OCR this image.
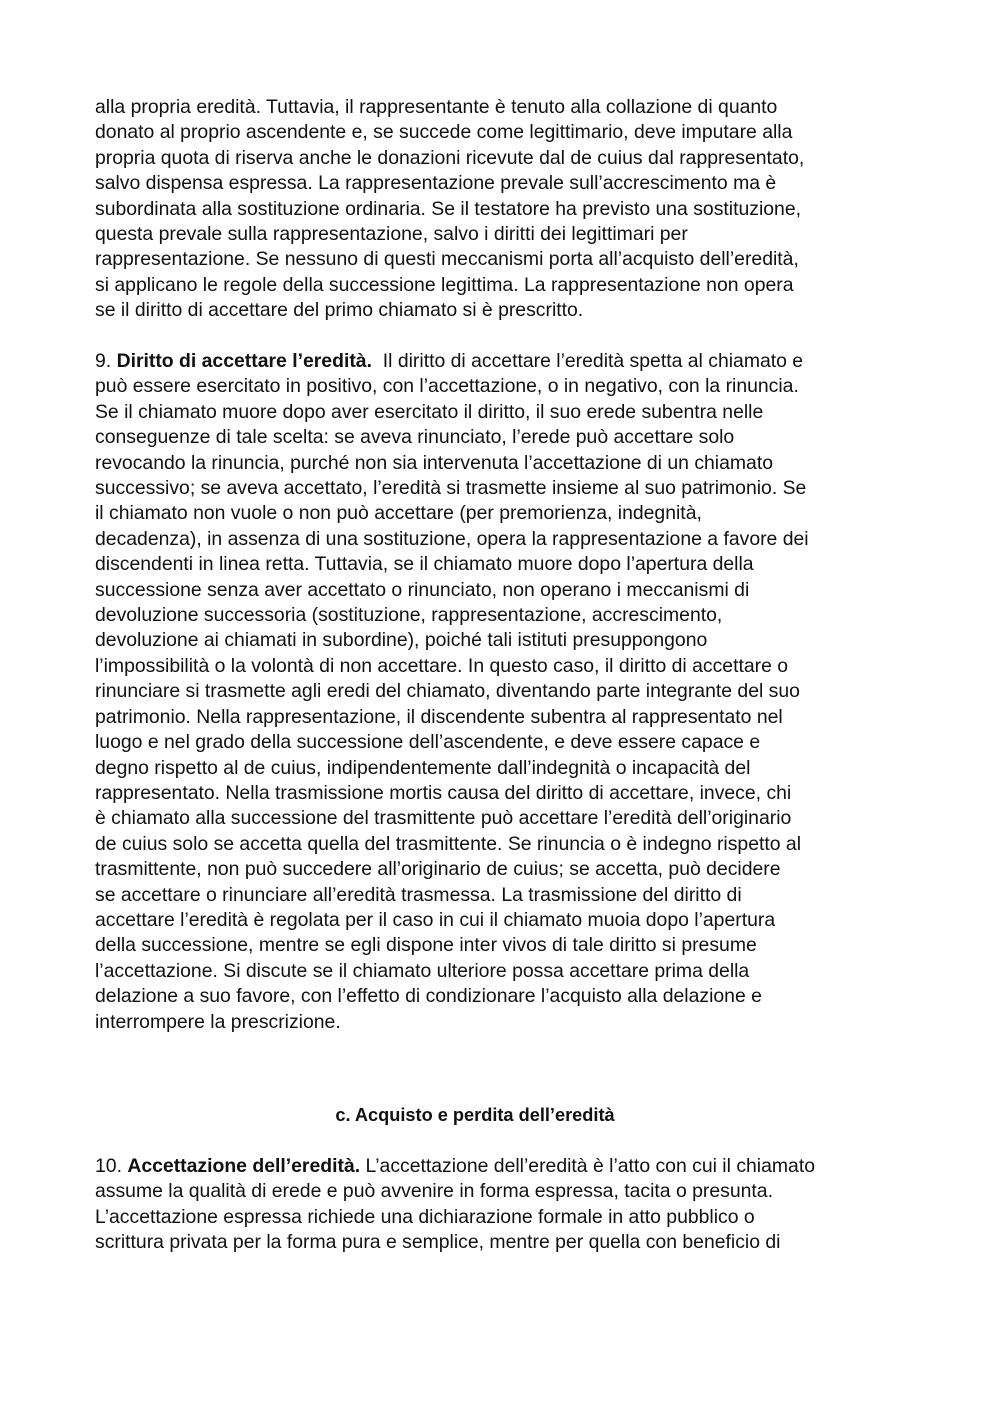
alla propria eredità. Tuttavia, il rappresentante è tenuto alla collazione di quanto
donato al proprio ascendente e, se succede come legittimario, deve imputare alla
propria quota di riserva anche le donazioni ricevute dal de cuius dal rappresentato,
salvo dispensa espressa. La rappresentazione prevale sull’accrescimento ma è
subordinata alla sostituzione ordinaria. Se il testatore ha previsto una sostituzione,
questa prevale sulla rappresentazione, salvo i diritti dei legittimari per
rappresentazione. Se nessuno di questi meccanismi porta all’acquisto dell’eredità,
si applicano le regole della successione legittima. La rappresentazione non opera
se il diritto di accettare del primo chiamato si è prescritto.
9. Diritto di accettare l’eredità. Il diritto di accettare l’eredità spetta al chiamato e
può essere esercitato in positivo, con l’accettazione, o in negativo, con la rinuncia.
Se il chiamato muore dopo aver esercitato il diritto, il suo erede subentra nelle
conseguenze di tale scelta: se aveva rinunciato, l’erede può accettare solo
revocando la rinuncia, purché non sia intervenuta l’accettazione di un chiamato
successivo; se aveva accettato, l’eredità si trasmette insieme al suo patrimonio. Se
il chiamato non vuole o non può accettare (per premorienza, indegnità,
decadenza), in assenza di una sostituzione, opera la rappresentazione a favore dei
discendenti in linea retta. Tuttavia, se il chiamato muore dopo l’apertura della
successione senza aver accettato o rinunciato, non operano i meccanismi di
devoluzione successoria (sostituzione, rappresentazione, accrescimento,
devoluzione ai chiamati in subordine), poiché tali istituti presuppongono
l’impossibilità o la volontà di non accettare. In questo caso, il diritto di accettare o
rinunciare si trasmette agli eredi del chiamato, diventando parte integrante del suo
patrimonio. Nella rappresentazione, il discendente subentra al rappresentato nel
luogo e nel grado della successione dell’ascendente, e deve essere capace e
degno rispetto al de cuius, indipendentemente dall’indegnità o incapacità del
rappresentato. Nella trasmissione mortis causa del diritto di accettare, invece, chi
è chiamato alla successione del trasmittente può accettare l’eredità dell’originario
de cuius solo se accetta quella del trasmittente. Se rinuncia o è indegno rispetto al
trasmittente, non può succedere all’originario de cuius; se accetta, può decidere
se accettare o rinunciare all’eredità trasmessa. La trasmissione del diritto di
accettare l’eredità è regolata per il caso in cui il chiamato muoia dopo l’apertura
della successione, mentre se egli dispone inter vivos di tale diritto si presume
l’accettazione. Si discute se il chiamato ulteriore possa accettare prima della
delazione a suo favore, con l’effetto di condizionare l’acquisto alla delazione e
interrompere la prescrizione.
c. Acquisto e perdita dell’eredità
10. Accettazione dell’eredità. L’accettazione dell’eredità è l’atto con cui il chiamato
assume la qualità di erede e può avvenire in forma espressa, tacita o presunta.
L’accettazione espressa richiede una dichiarazione formale in atto pubblico o
scrittura privata per la forma pura e semplice, mentre per quella con beneficio di
